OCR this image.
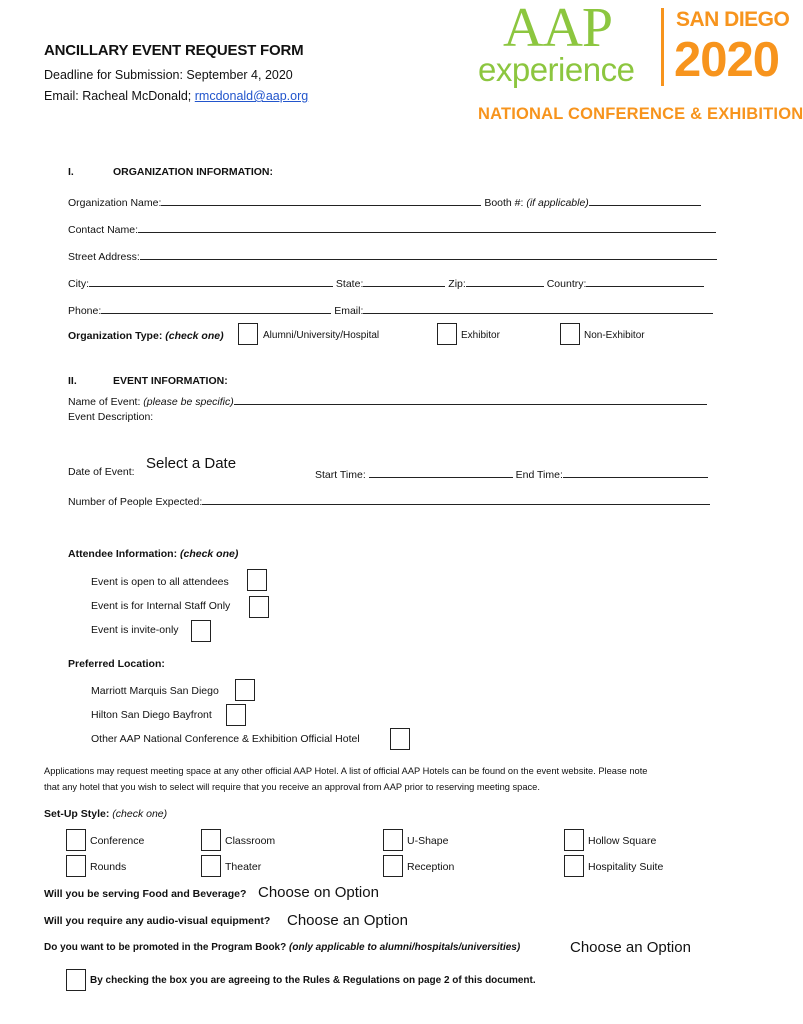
ANCILLARY EVENT REQUEST FORM
Deadline for Submission: September 4, 2020
Email: Racheal McDonald; rmcdonald@aap.org
AAP
experience
SAN DIEGO
2020
NATIONAL CONFERENCE & EXHIBITION
I.	ORGANIZATION INFORMATION:
Organization Name:	Booth #: (if applicable)
Contact Name:
Street Address:
City:	State:	Zip:	Country:
Phone:	Email:
Organization Type: (check one)	Alumni/University/Hospital	Exhibitor	Non-Exhibitor
II.	EVENT INFORMATION:
Name of Event: (please be specific)
Event Description:
Date of Event: Select a Date
Start Time:	End Time:
Number of People Expected:
Attendee Information: (check one)
Event is open to all attendees
Event is for Internal Staff Only
Event is invite-only
Preferred Location:
Marriott Marquis San Diego
Hilton San Diego Bayfront
Other AAP National Conference & Exhibition Official Hotel
Applications may request meeting space at any other official AAP Hotel. A list of official AAP Hotels can be found on the event website. Please note
that any hotel that you wish to select will require that you receive an approval from AAP prior to reserving meeting space.
Set-Up Style: (check one)
Conference	Classroom	U-Shape	Hollow Square
Rounds	Theater	Reception	Hospitality Suite
Will you be serving Food and Beverage? Choose on Option
Will you require any audio-visual equipment? Choose an Option
Do you want to be promoted in the Program Book? (only applicable to alumni/hospitals/universities)	Choose an Option
By checking the box you are agreeing to the Rules & Regulations on page 2 of this document.
